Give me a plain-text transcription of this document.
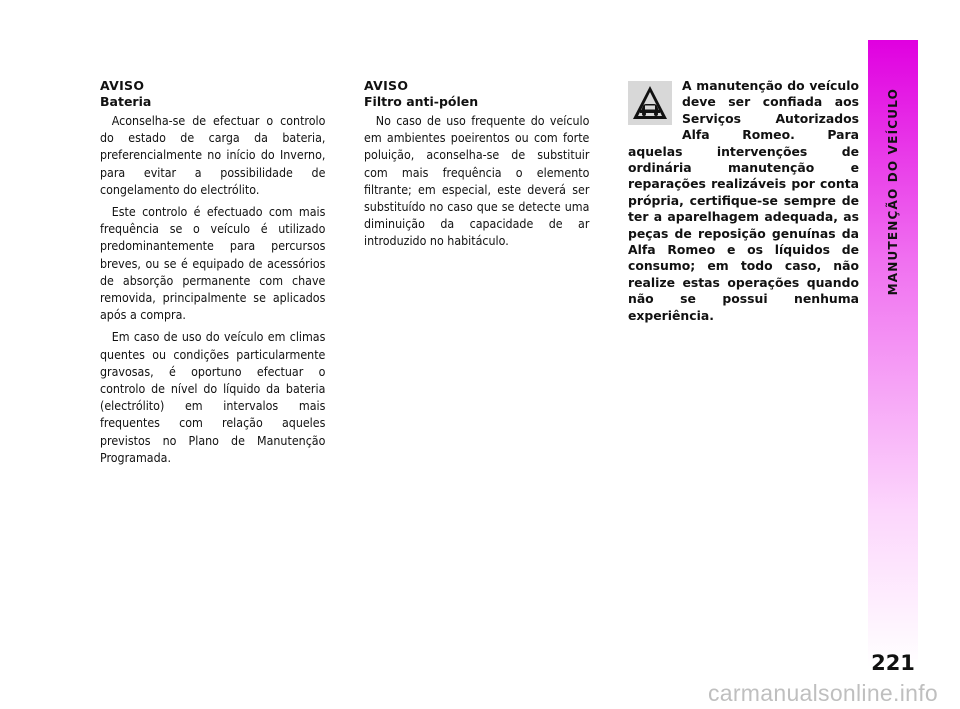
AVISO
Bateria

Aconselha-se de efectuar o controlo do estado de carga da bateria, preferencialmente no início do Inverno, para evitar a possibilidade de congelamento do electrólito.

Este controlo é efectuado com mais frequência se o veículo é utilizado predominantemente para percursos breves, ou se é equipado de acessórios de absorção permanente com chave removida, principalmente se aplicados após a compra.

Em caso de uso do veículo em climas quentes ou condições particularmente gravosas, é oportuno efectuar o controlo de nível do líquido da bateria (electrólito) em intervalos mais frequentes com relação aqueles previstos no Plano de Manutenção Programada.

AVISO
Filtro anti-pólen

No caso de uso frequente do veículo em ambientes poeirentos ou com forte poluição, aconselha-se de substituir com mais frequência o elemento filtrante; em especial, este deverá ser substituído no caso que se detecte uma diminuição da capacidade de ar introduzido no habitáculo.

A manutenção do veículo deve ser confiada aos Serviços Autorizados Alfa Romeo. Para aquelas intervenções de ordinária manutenção e reparações realizáveis por conta própria, certifique-se sempre de ter a aparelhagem adequada, as peças de reposição genuínas da Alfa Romeo e os líquidos de consumo; em todo caso, não realize estas operações quando não se possui nenhuma experiência.
MANUTENÇÃO DO VEÍCULO
221
carmanualsonline.info
